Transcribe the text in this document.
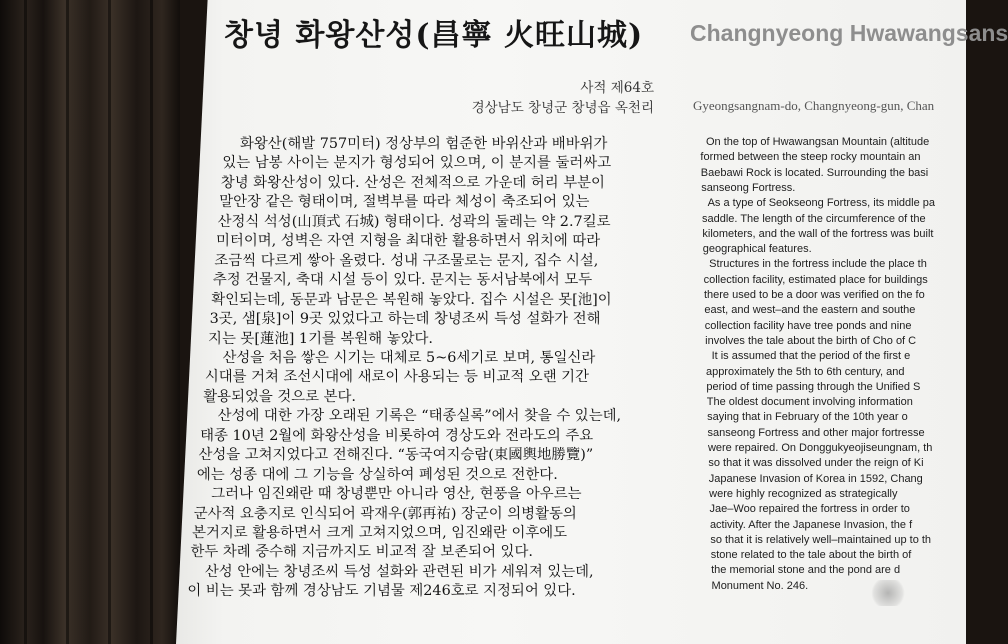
창녕 화왕산성(昌寧 火旺山城) Changnyeong Hwawangsans
사적 제64호
경상남도 창녕군 창녕읍 옥천리	Gyeongsangnam-do, Changnyeong-gun, Chan
화왕산(해발 757미터) 정상부의 험준한 바위산과 배바위가
있는 남봉 사이는 분지가 형성되어 있으며, 이 분지를 둘러싸고
창녕 화왕산성이 있다. 산성은 전체적으로 가운데 허리 부분이
말안장 같은 형태이며, 절벽부를 따라 체성이 축조되어 있는
산정식 석성(山頂式 石城) 형태이다. 성곽의 둘레는 약 2.7킬로
미터이며, 성벽은 자연 지형을 최대한 활용하면서 위치에 따라
조금씩 다르게 쌓아 올렸다. 성내 구조물로는 문지, 집수 시설,
추정 건물지, 축대 시설 등이 있다. 문지는 동서남북에서 모두
확인되는데, 동문과 남문은 복원해 놓았다. 집수 시설은 못[池]이
3곳, 샘[泉]이 9곳 있었다고 하는데 창녕조씨 득성 설화가 전해
지는 못[蓮池] 1기를 복원해 놓았다.
산성을 처음 쌓은 시기는 대체로 5~6세기로 보며, 통일신라
시대를 거쳐 조선시대에 새로이 사용되는 등 비교적 오랜 기간
활용되었을 것으로 본다.
산성에 대한 가장 오래된 기록은 “태종실록”에서 찾을 수 있는데,
태종 10년 2월에 화왕산성을 비롯하여 경상도와 전라도의 주요
산성을 고쳐지었다고 전해진다. “동국여지승람(東國輿地勝覽)”
에는 성종 대에 그 기능을 상실하여 폐성된 것으로 전한다.
그러나 임진왜란 때 창녕뿐만 아니라 영산, 현풍을 아우르는
군사적 요충지로 인식되어 곽재우(郭再祐) 장군이 의병활동의
본거지로 활용하면서 크게 고쳐지었으며, 임진왜란 이후에도
한두 차례 중수해 지금까지도 비교적 잘 보존되어 있다.
산성 안에는 창녕조씨 득성 설화와 관련된 비가 세워져 있는데,
이 비는 못과 함께 경상남도 기념물 제246호로 지정되어 있다.
On the top of Hwawangsan Mountain (altitude
formed between the steep rocky mountain an
Baebawi Rock is located. Surrounding the basi
sanseong Fortress.
As a type of Seokseong Fortress, its middle pa
saddle. The length of the circumference of the
kilometers, and the wall of the fortress was built
geographical features.
Structures in the fortress include the place th
collection facility, estimated place for buildings
there used to be a door was verified on the fo
east, and west–and the eastern and southe
collection facility have tree ponds and nine
involves the tale about the birth of Cho of C
It is assumed that the period of the first e
approximately the 5th to 6th century, and
period of time passing through the Unified S
The oldest document involving information
saying that in February of the 10th year o
sanseong Fortress and other major fortresse
were repaired. On Donggukyeojiseungnam, th
so that it was dissolved under the reign of Ki
Japanese Invasion of Korea in 1592, Chang
were highly recognized as strategically
Jae–Woo repaired the fortress in order to
activity. After the Japanese Invasion, the f
so that it is relatively well–maintained up to th
stone related to the tale about the birth of
the memorial stone and the pond are d
Monument No. 246.
